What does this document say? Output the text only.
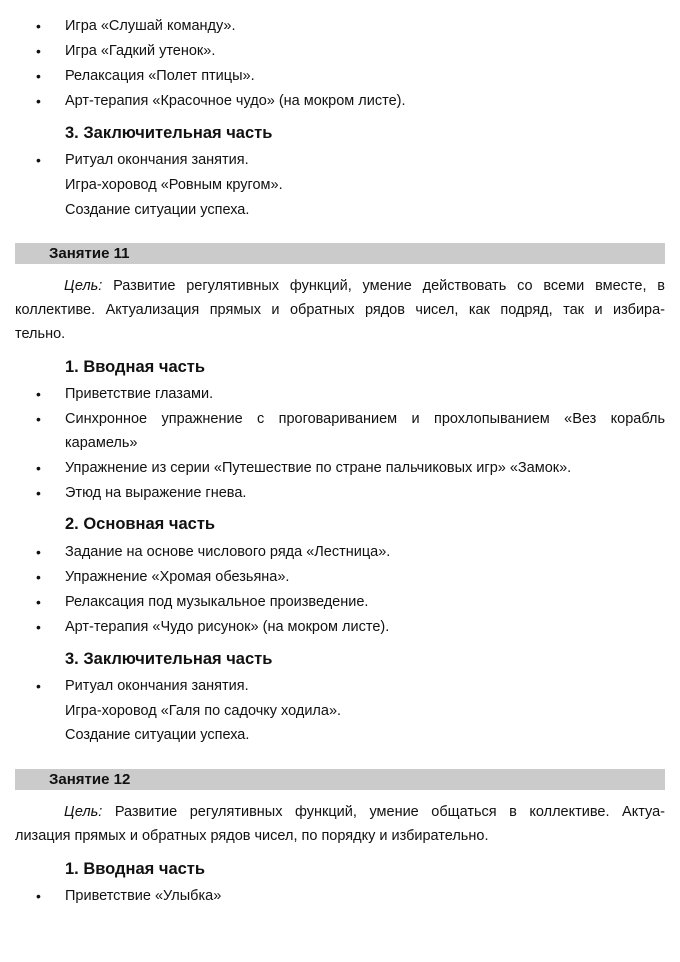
• Игра «Слушай команду».
• Игра «Гадкий утенок».
• Релаксация «Полет птицы».
• Арт-терапия «Красочное чудо» (на мокром листе).
3. Заключительная часть
• Ритуал окончания занятия.
Игра-хоровод «Ровным кругом».
Создание ситуации успеха.
Занятие 11
Цель: Развитие регулятивных функций, умение действовать со всеми вместе, в
коллективе. Актуализация прямых и обратных рядов чисел, как подряд, так и избира-
тельно.
1. Вводная часть
• Приветствие глазами.
• Синхронное упражнение с проговариванием и прохлопыванием «Вез корабль
карамель»
• Упражнение из серии «Путешествие по стране пальчиковых игр» «Замок».
• Этюд на выражение гнева.
2. Основная часть
• Задание на основе числового ряда «Лестница».
• Упражнение «Хромая обезьяна».
• Релаксация под музыкальное произведение.
• Арт-терапия «Чудо рисунок» (на мокром листе).
3. Заключительная часть
• Ритуал окончания занятия.
Игра-хоровод «Галя по садочку ходила».
Создание ситуации успеха.
Занятие 12
Цель: Развитие регулятивных функций, умение общаться в коллективе. Актуа-
лизация прямых и обратных рядов чисел, по порядку и избирательно.
1. Вводная часть
• Приветствие «Улыбка»
